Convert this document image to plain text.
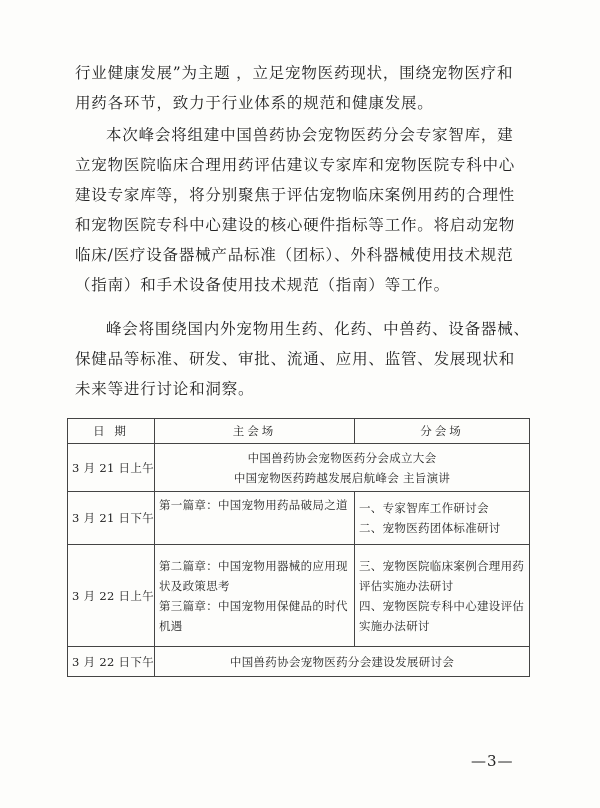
行业健康发展”为主题 ，立足宠物医药现状，围绕宠物医疗和
用药各环节，致力于行业体系的规范和健康发展。

本次峰会将组建中国兽药协会宠物医药分会专家智库，建
立宠物医院临床合理用药评估建议专家库和宠物医院专科中心
建设专家库等，将分别聚焦于评估宠物临床案例用药的合理性
和宠物医院专科中心建设的核心硬件指标等工作。将启动宠物
临床/医疗设备器械产品标准（团标）、外科器械使用技术规范
（指南）和手术设备使用技术规范（指南）等工作。

峰会将围绕国内外宠物用生药、化药、中兽药、设备器械、
保健品等标准、研发、审批、流通、应用、监管、发展现状和
未来等进行讨论和洞察。

日 期	主会场	分会场
3 月 21 日上午	中国兽药协会宠物医药分会成立大会
中国宠物医药跨越发展启航峰会 主旨演讲	

3 月 21 日下午	第一篇章：中国宠物用药品破局之道	一、专家智库工作研讨会
二、宠物医药团体标准研讨

3 月 22 日上午	第二篇章：中国宠物用器械的应用现状及政策思考
第三篇章：中国宠物用保健品的时代机遇	三、宠物医院临床案例合理用药评估实施办法研讨
四、宠物医院专科中心建设评估实施办法研讨

3 月 22 日下午	中国兽药协会宠物医药分会建设发展研讨会	
—3—
